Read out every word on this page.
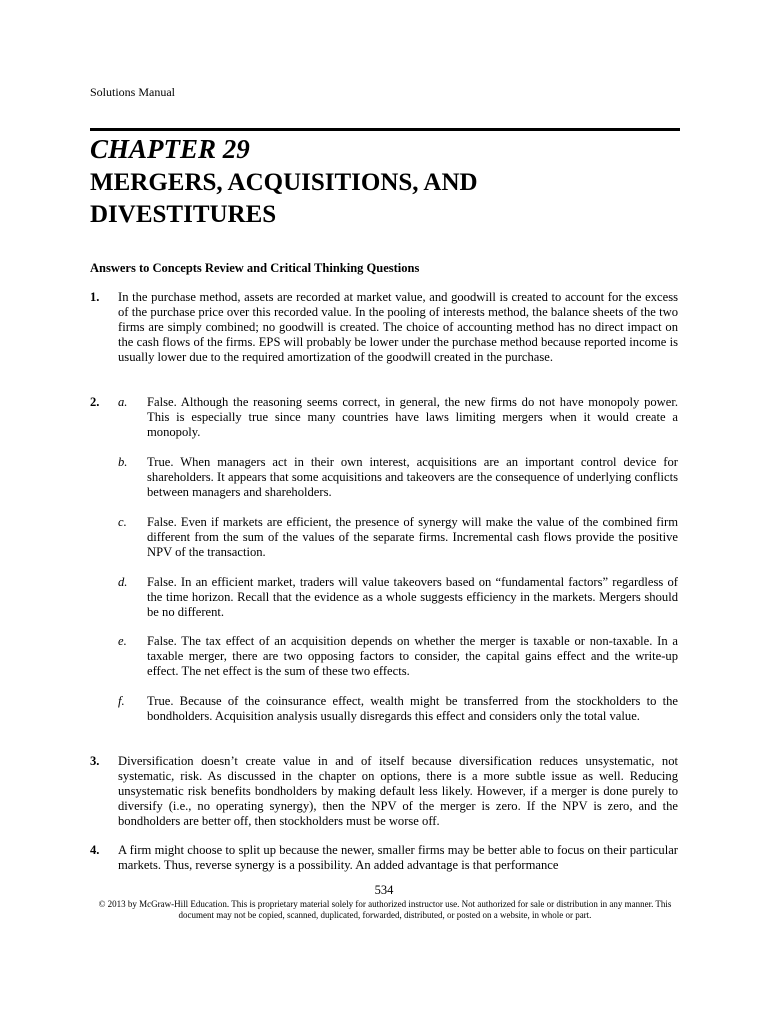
Solutions Manual
CHAPTER 29
MERGERS, ACQUISITIONS, AND DIVESTITURES
Answers to Concepts Review and Critical Thinking Questions
1. In the purchase method, assets are recorded at market value, and goodwill is created to account for the excess of the purchase price over this recorded value. In the pooling of interests method, the balance sheets of the two firms are simply combined; no goodwill is created. The choice of accounting method has no direct impact on the cash flows of the firms. EPS will probably be lower under the purchase method because reported income is usually lower due to the required amortization of the goodwill created in the purchase.
2. a. False. Although the reasoning seems correct, in general, the new firms do not have monopoly power. This is especially true since many countries have laws limiting mergers when it would create a monopoly.
b. True. When managers act in their own interest, acquisitions are an important control device for shareholders. It appears that some acquisitions and takeovers are the consequence of underlying conflicts between managers and shareholders.
c. False. Even if markets are efficient, the presence of synergy will make the value of the combined firm different from the sum of the values of the separate firms. Incremental cash flows provide the positive NPV of the transaction.
d. False. In an efficient market, traders will value takeovers based on “fundamental factors” regardless of the time horizon. Recall that the evidence as a whole suggests efficiency in the markets. Mergers should be no different.
e. False. The tax effect of an acquisition depends on whether the merger is taxable or non-taxable. In a taxable merger, there are two opposing factors to consider, the capital gains effect and the write-up effect. The net effect is the sum of these two effects.
f. True. Because of the coinsurance effect, wealth might be transferred from the stockholders to the bondholders. Acquisition analysis usually disregards this effect and considers only the total value.
3. Diversification doesn’t create value in and of itself because diversification reduces unsystematic, not systematic, risk. As discussed in the chapter on options, there is a more subtle issue as well. Reducing unsystematic risk benefits bondholders by making default less likely. However, if a merger is done purely to diversify (i.e., no operating synergy), then the NPV of the merger is zero. If the NPV is zero, and the bondholders are better off, then stockholders must be worse off.
4. A firm might choose to split up because the newer, smaller firms may be better able to focus on their particular markets. Thus, reverse synergy is a possibility. An added advantage is that performance
534
© 2013 by McGraw-Hill Education. This is proprietary material solely for authorized instructor use. Not authorized for sale or distribution in any manner. This document may not be copied, scanned, duplicated, forwarded, distributed, or posted on a website, in whole or part.
